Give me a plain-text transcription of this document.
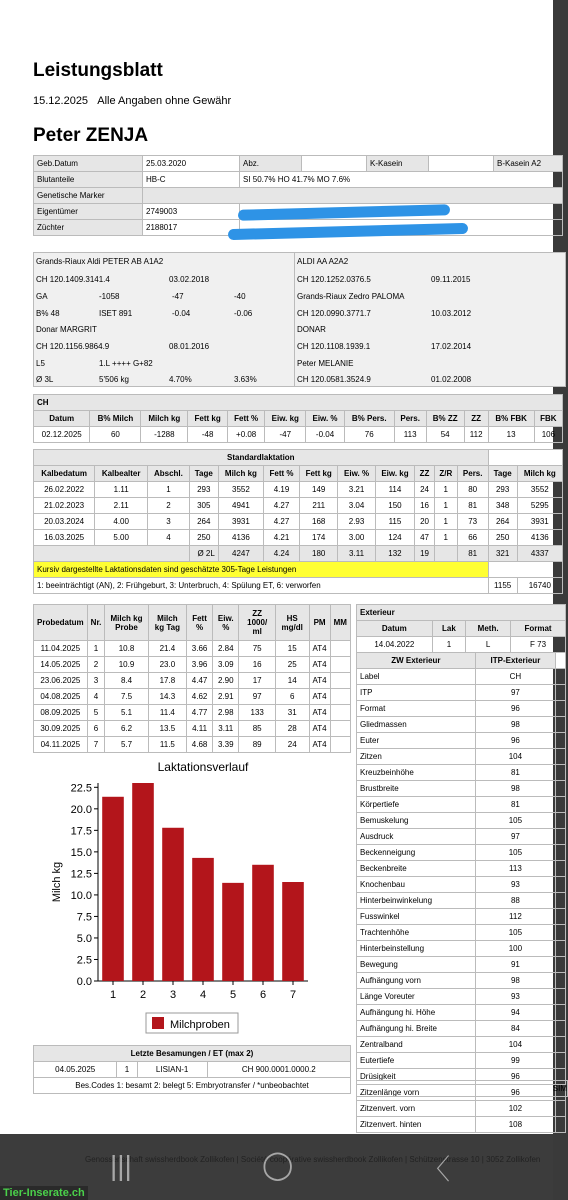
Leistungsblatt
15.12.2025 Alle Angaben ohne Gewähr
Peter ZENJA
Geb.Datum	25.03.2020	Abz.		K-Kasein		B-Kasein A2
Blutanteile	HB-C	SI 50.7% HO 41.7% MO 7.6%				
Genetische Marker						
Eigentümer	2749003					
Züchter	2188017					
Grands-Riaux Aldi PETER AB A1A2
CH 120.1409.3141.4	03.02.2018
GA	-1058	-47	-40
B% 48	ISET 891	-0.04	-0.06
Donar MARGRIT
CH 120.1156.9864.9	08.01.2016
L5	1.L ++++ G+82
Ø 3L	5'506 kg	4.70%	3.63%
ALDI AA A2A2
CH 120.1252.0376.5	09.11.2015
Grands-Riaux Zedro PALOMA
CH 120.0990.3771.7	10.03.2012
DONAR
CH 120.1108.1939.1	17.02.2014
Peter MELANIE
CH 120.0581.3524.9	01.02.2008
CH												
Datum	B% Milch	Milch kg	Fett kg	Fett %	Eiw. kg	Eiw. %	B% Pers.	Pers.	B% ZZ	ZZ	B% FBK	FBK
02.12.2025	60	-1288	-48	+0.08	-47	-0.04	76	113	54	112	13	106
Standardlaktation													
Kalbedatum	Kalbealter	Abschl.	Tage	Milch kg	Fett %	Fett kg	Eiw. %	Eiw. kg	ZZ	Z/R	Pers.	Tage	Milch kg
26.02.2022	1.11	1	293	3552	4.19	149	3.21	114	24	1	80	293	3552
21.02.2023	2.11	2	305	4941	4.27	211	3.04	150	16	1	81	348	5295
20.03.2024	4.00	3	264	3931	4.27	168	2.93	115	20	1	73	264	3931
16.03.2025	5.00	4	250	4136	4.21	174	3.00	124	47	1	66	250	4136
			Ø 2L	4247	4.24	180	3.11	132	19		81	321	4337
Kursiv dargestellte Laktationsdaten sind geschätzte 305-Tage Leistungen													
1: beeinträchtigt (AN), 2: Frühgeburt, 3: Unterbruch, 4: Spülung ET, 6: verworfen												1155	16740
Probedatum	Nr.	Milch kg Probe	Milch kg Tag	Fett %	Eiw. %	ZZ 1000/ ml	HS mg/dl	PM	MM
11.04.2025	1	10.8	21.4	3.66	2.84	75	15	AT4	
14.05.2025	2	10.9	23.0	3.96	3.09	16	25	AT4	
23.06.2025	3	8.4	17.8	4.47	2.90	17	14	AT4	
04.08.2025	4	7.5	14.3	4.62	2.91	97	6	AT4	
08.09.2025	5	5.1	11.4	4.77	2.98	133	31	AT4	
30.09.2025	6	6.2	13.5	4.11	3.11	85	28	AT4	
04.11.2025	7	5.7	11.5	4.68	3.39	89	24	AT4	
Exterieur			
Datum	Lak	Meth.	Format
14.04.2022	1	L	F 73
ZW Exterieur	ITP-Exterieur	
Label	CH	
ITP	97	
Format	96	
Gliedmassen	98	
Euter	96	
Zitzen	104	
Kreuzbeinhöhe	81	
Brustbreite	98	
Körpertiefe	81	
Bemuskelung	105	
Ausdruck	97	
Beckenneigung	105	
Beckenbreite	113	
Knochenbau	93	
Hinterbeinwinkelung	88	
Fusswinkel	112	
Trachtenhöhe	105	
Hinterbeinstellung	100	
Bewegung	91	
Aufhängung vorn	98	
Länge Voreuter	93	
Aufhängung hi. Höhe	94	
Aufhängung hi. Breite	84	
Zentralband	104	
Eutertiefe	99	
Drüsigkeit	96	
Zitzenlänge vorn	96	
Zitzenvert. vorn	102	
Zitzenvert. hinten	108	
SIM
Laktationsverlauf
0.0
2.5
5.0
7.5
10.0
12.5
15.0
17.5
20.0
22.5
1 2 3 4 5 6 7
Milch kg
Milchproben
Letzte Besamungen / ET (max 2)
04.05.2025	1	LISIAN-1	CH 900.0001.0000.2
Bes.Codes 1: besamt 2: belegt 5: Embryotransfer / *unbeobachtet
Genossenschaft swissherdbook Zollikofen | Société coopérative swissherdbook Zollikofen | Schützenstrasse 10 | 3052 Zollikofen
|||	◯	〈
Tier-Inserate.ch
